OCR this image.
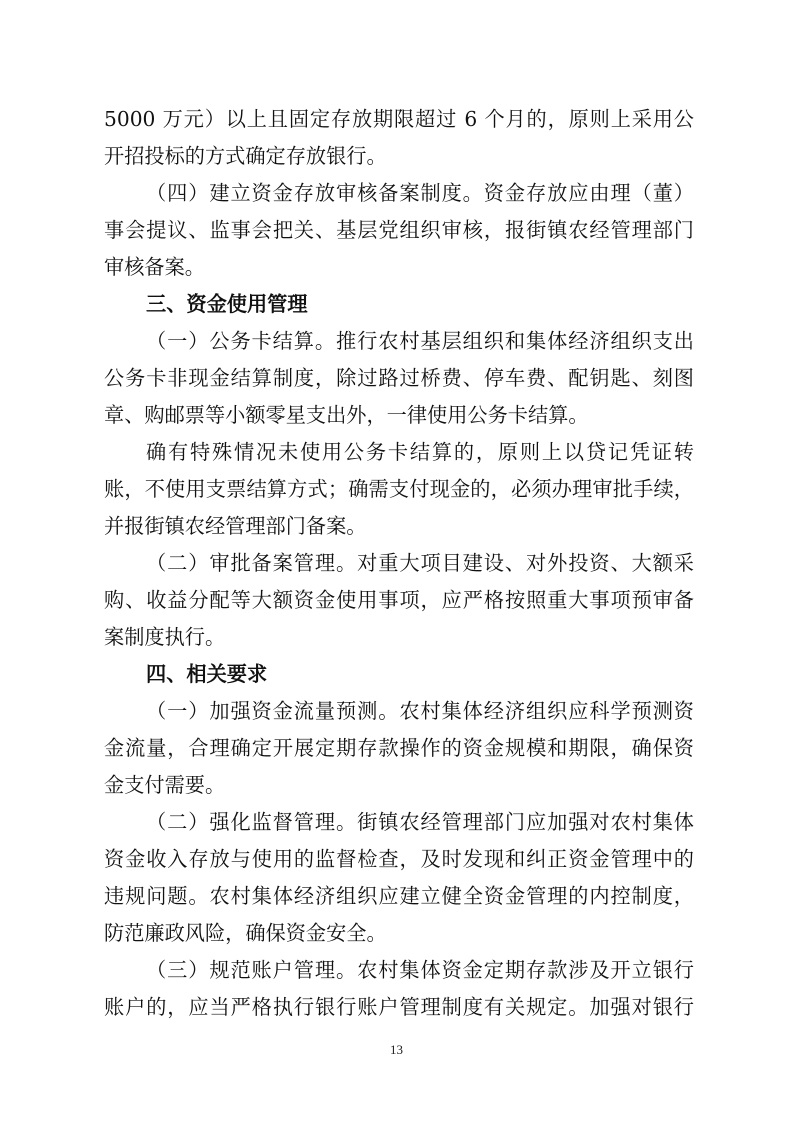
5000 万元）以上且固定存放期限超过 6 个月的，原则上采用公
开招投标的方式确定存放银行。
（四）建立资金存放审核备案制度。资金存放应由理（董）
事会提议、监事会把关、基层党组织审核，报街镇农经管理部门
审核备案。
三、资金使用管理
（一）公务卡结算。推行农村基层组织和集体经济组织支出
公务卡非现金结算制度，除过路过桥费、停车费、配钥匙、刻图
章、购邮票等小额零星支出外，一律使用公务卡结算。
确有特殊情况未使用公务卡结算的，原则上以贷记凭证转
账，不使用支票结算方式；确需支付现金的，必须办理审批手续，
并报街镇农经管理部门备案。
（二）审批备案管理。对重大项目建设、对外投资、大额采
购、收益分配等大额资金使用事项，应严格按照重大事项预审备
案制度执行。
四、相关要求
（一）加强资金流量预测。农村集体经济组织应科学预测资
金流量，合理确定开展定期存款操作的资金规模和期限，确保资
金支付需要。
（二）强化监督管理。街镇农经管理部门应加强对农村集体
资金收入存放与使用的监督检查，及时发现和纠正资金管理中的
违规问题。农村集体经济组织应建立健全资金管理的内控制度，
防范廉政风险，确保资金安全。
（三）规范账户管理。农村集体资金定期存款涉及开立银行
账户的，应当严格执行银行账户管理制度有关规定。加强对银行
13
